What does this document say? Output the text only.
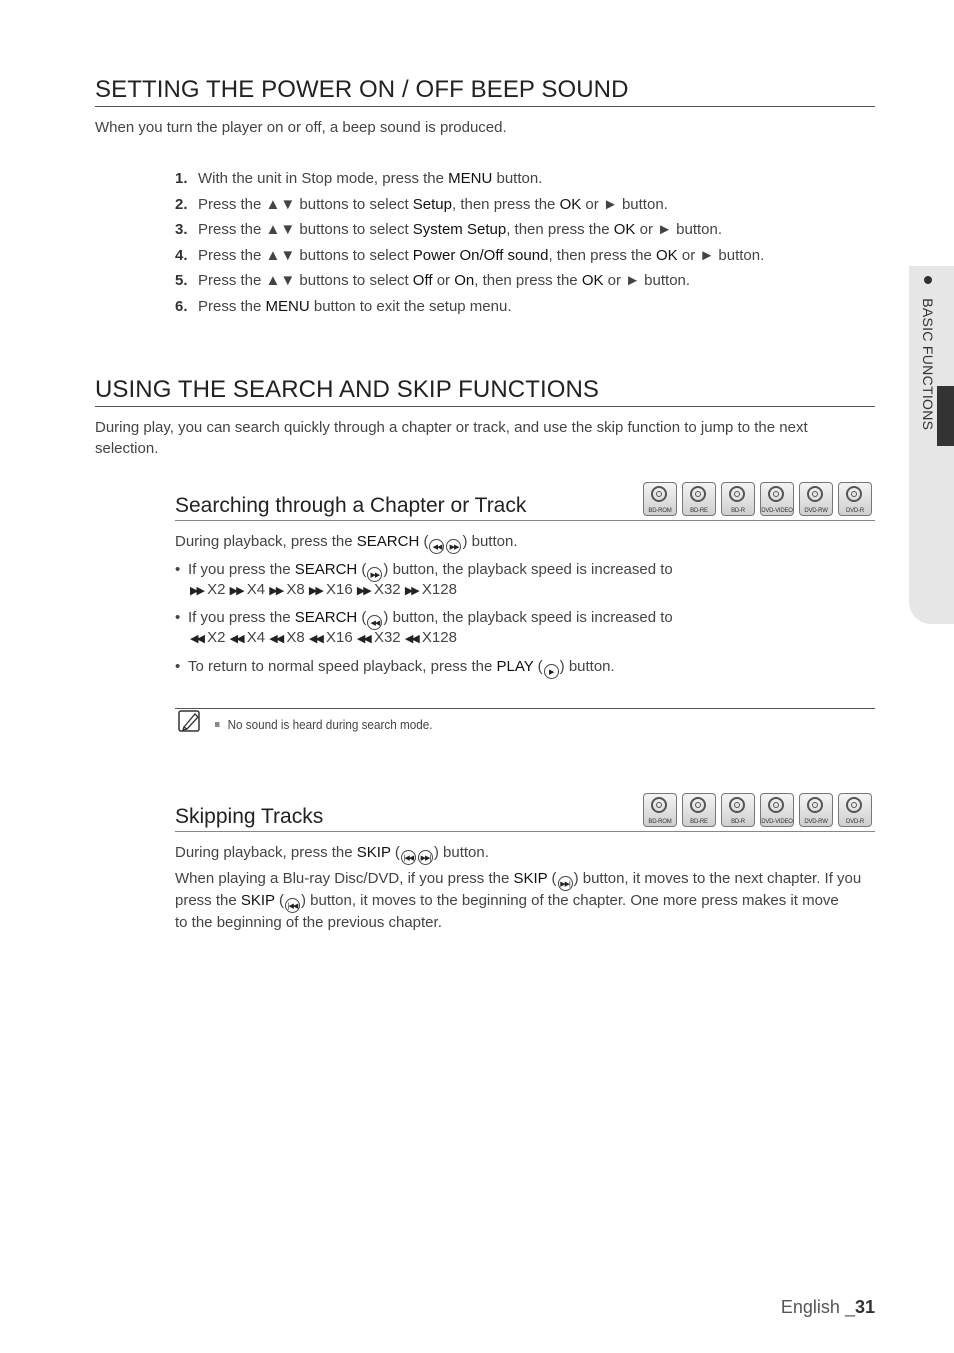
BASIC FUNCTIONS
SETTING THE POWER ON / OFF BEEP SOUND
When you turn the player on or off, a beep sound is produced.
1. With the unit in Stop mode, press the MENU button.
2. Press the ▲▼ buttons to select Setup, then press the OK or ► button.
3. Press the ▲▼ buttons to select System Setup, then press the OK or ► button.
4. Press the ▲▼ buttons to select Power On/Off sound, then press the OK or ► button.
5. Press the ▲▼ buttons to select Off or On, then press the OK or ► button.
6. Press the MENU button to exit the setup menu.
USING THE SEARCH AND SKIP FUNCTIONS
During play, you can search quickly through a chapter or track, and use the skip function to jump to the next
selection.
Searching through a Chapter or Track	BD-ROM	BD-RE	BD-R	DVD-VIDEO	DVD-RW	DVD-R
During playback, press the SEARCH ( ◀◀ ▶▶ ) button.
• If you press the SEARCH ( ▶▶ ) button, the playback speed is increased to
▶▶ X2 ▶▶ X4 ▶▶ X8 ▶▶ X16 ▶▶ X32 ▶▶ X128
• If you press the SEARCH ( ◀◀ ) button, the playback speed is increased to
◀◀ X2 ◀◀ X4 ◀◀ X8 ◀◀ X16 ◀◀ X32 ◀◀ X128
• To return to normal speed playback, press the PLAY ( ▶ ) button.
No sound is heard during search mode.
Skipping Tracks	BD-ROM	BD-RE	BD-R	DVD-VIDEO	DVD-RW	DVD-R
During playback, press the SKIP ( |◀◀ ▶▶| ) button.
When playing a Blu-ray Disc/DVD, if you press the SKIP ( ▶▶| ) button, it moves to the next chapter. If you
press the SKIP ( |◀◀ ) button, it moves to the beginning of the chapter. One more press makes it move
to the beginning of the previous chapter.
English _31
